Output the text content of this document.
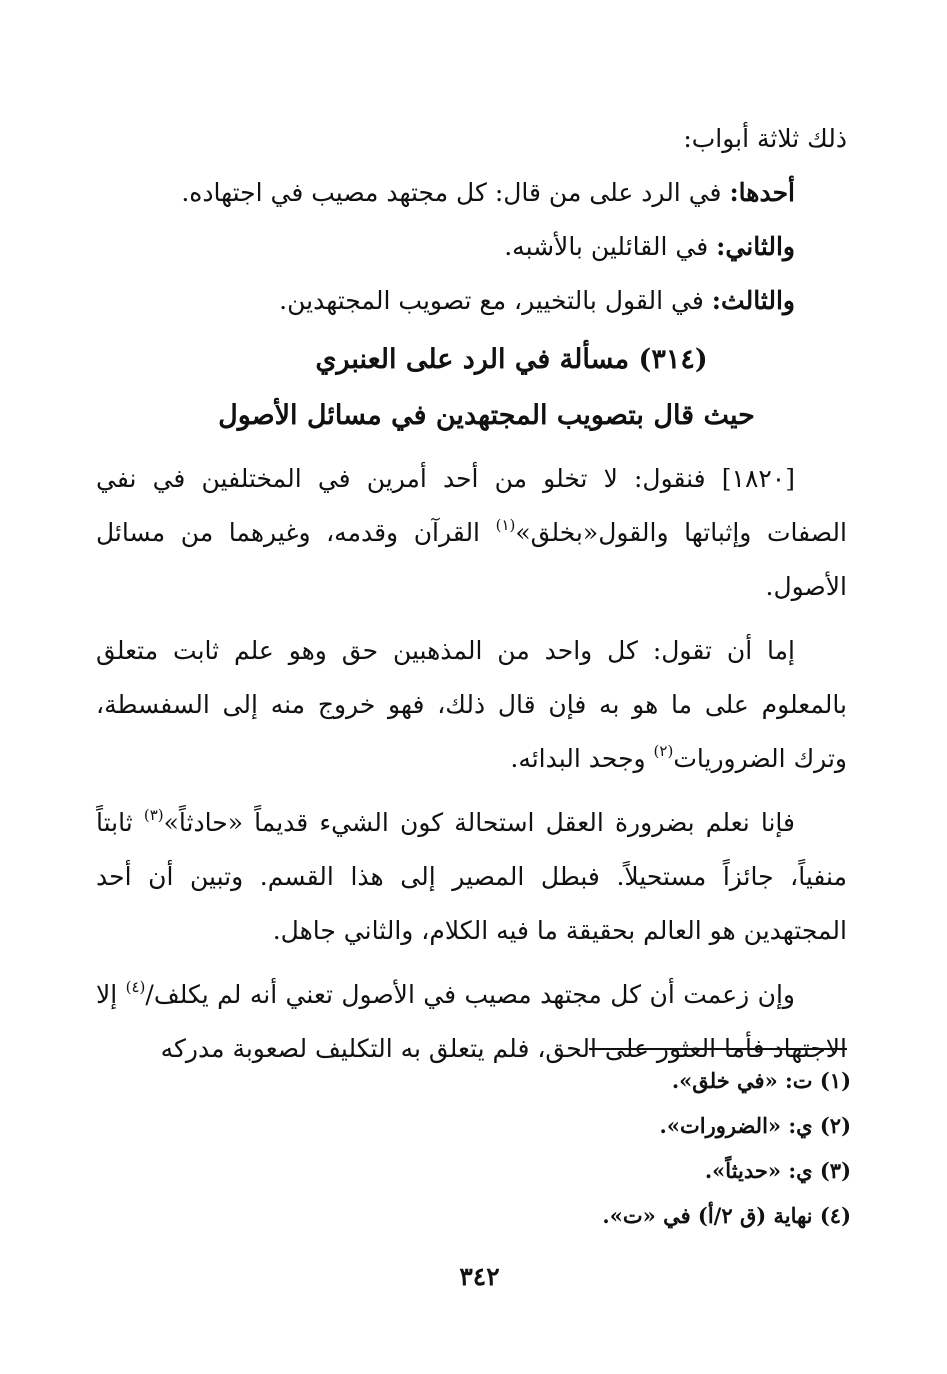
ذلك ثلاثة أبواب:
أحدها: في الرد على من قال: كل مجتهد مصيب في اجتهاده.
والثاني: في القائلين بالأشبه.
والثالث: في القول بالتخيير، مع تصويب المجتهدين.
(٣١٤) مسألة في الرد على العنبري
حيث قال بتصويب المجتهدين في مسائل الأصول

[١٨٢٠] فنقول: لا تخلو من أحد أمرين في المختلفين في نفي الصفات وإثباتها والقول«بخلق»$^{(١)}$ القرآن وقدمه، وغيرهما من مسائل الأصول.

إما أن تقول: كل واحد من المذهبين حق وهو علم ثابت متعلق بالمعلوم على ما هو به فإن قال ذلك، فهو خروج منه إلى السفسطة، وترك الضروريات$^{(٢)}$ وجحد البدائه.

فإنا نعلم بضرورة العقل استحالة كون الشيء قديماً «حادثاً»$^{(٣)}$ ثابتاً منفياً، جائزاً مستحيلاً. فبطل المصير إلى هذا القسم. وتبين أن أحد المجتهدين هو العالم بحقيقة ما فيه الكلام، والثاني جاهل.

وإن زعمت أن كل مجتهد مصيب في الأصول تعني أنه لم يكلف/$^{(٤)}$ إلا الاجتهاد فأما العثور على الحق، فلم يتعلق به التكليف لصعوبة مدركه

(١) ت: «في خلق».
(٢) ي: «الضرورات».
(٣) ي: «حديثاً».
(٤) نهاية (ق ٢/أ) في «ت».
٣٤٢
